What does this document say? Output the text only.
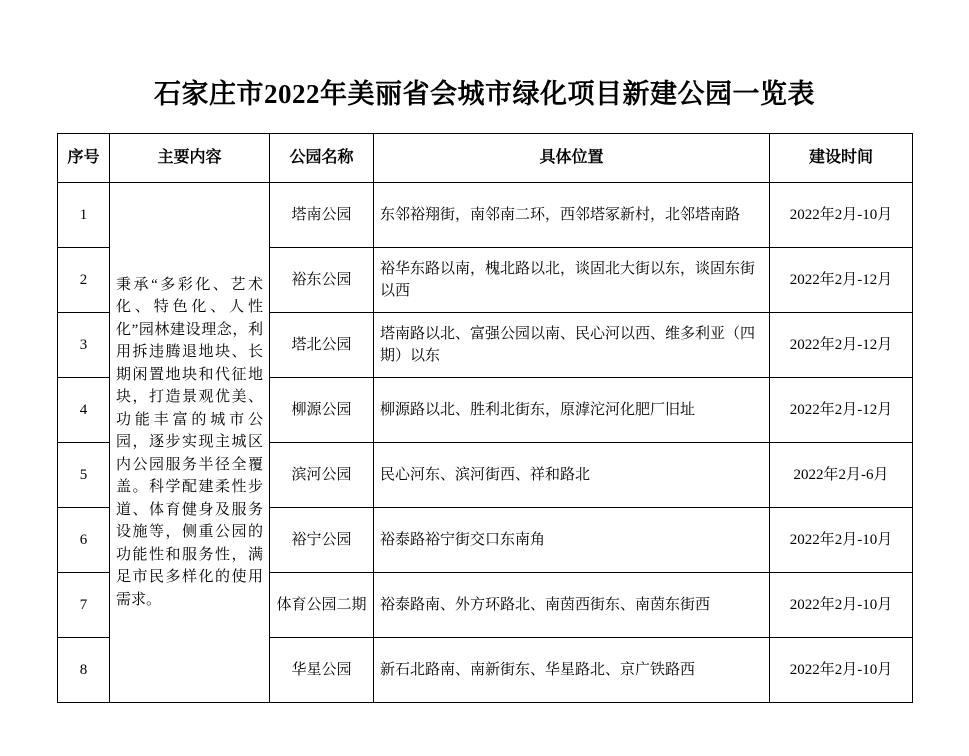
石家庄市2022年美丽省会城市绿化项目新建公园一览表
序号	主要内容	公园名称	具体位置	建设时间
1	秉承“多彩化、艺术化、特色化、人性化”园林建设理念，利用拆违腾退地块、长期闲置地块和代征地块，打造景观优美、功能丰富的城市公园，逐步实现主城区内公园服务半径全覆盖。科学配建柔性步道、体育健身及服务设施等，侧重公园的功能性和服务性，满足市民多样化的使用需求。	塔南公园	东邻裕翔街，南邻南二环，西邻塔冢新村，北邻塔南路	2022年2月-10月
2		裕东公园	裕华东路以南，槐北路以北，谈固北大街以东，谈固东街以西	2022年2月-12月
3		塔北公园	塔南路以北、富强公园以南、民心河以西、维多利亚（四期）以东	2022年2月-12月
4		柳源公园	柳源路以北、胜利北街东，原滹沱河化肥厂旧址	2022年2月-12月
5		滨河公园	民心河东、滨河街西、祥和路北	2022年2月-6月
6		裕宁公园	裕泰路裕宁街交口东南角	2022年2月-10月
7		体育公园二期	裕泰路南、外方环路北、南茵西街东、南茵东街西	2022年2月-10月
8		华星公园	新石北路南、南新街东、华星路北、京广铁路西	2022年2月-10月
